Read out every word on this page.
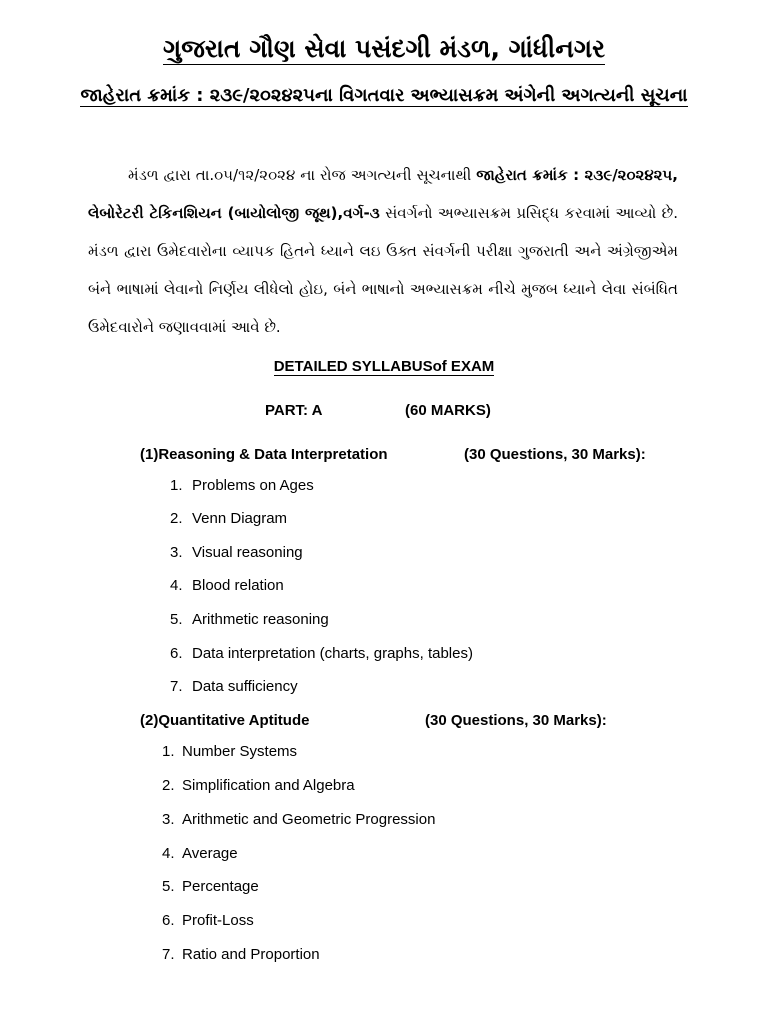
ગુજરાત ગૌણ સેવા પસંદગી મંડળ, ગાંધીનગર
જાહેરાત ક્રમાંક : ૨૩૯/૨૦૨૪૨૫ના વિગતવાર અભ્યાસક્રમ અંગેની અગત્યની સૂચના
મંડળ દ્વારા તા.૦૫/૧૨/૨૦૨૪ ના રોજ અગત્યની સૂચનાથી જાહેરાત ક્રમાંક : ૨૩૯/૨૦૨૪૨૫, લેબોરેટરી ટેકિનશિયન (બાયોલોજી જૂથ),વર્ગ-૩ સંવર્ગનો અભ્યાસક્રમ પ્રસિદ્ધ કરવામાં આવ્યો છે. મંડળ દ્વારા ઉમેદવારોના વ્યાપક હિતને ધ્યાને લઇ ઉક્ત સંવર્ગની પરીક્ષા ગુજરાતી અને અંગ્રેજીએમ બંને ભાષામાં લેવાનો નિર્ણય લીધેલો હોઇ, બંને ભાષાનો અભ્યાસક્રમ નીચે મુજબ ધ્યાને લેવા સંબંધિત ઉમેદવારોને જણાવવામાં આવે છે.
DETAILED SYLLABUSof EXAM
PART: A	(60 MARKS)
(1)Reasoning & Data Interpretation	(30 Questions, 30 Marks):
1. Problems on Ages
2. Venn Diagram
3. Visual reasoning
4. Blood relation
5. Arithmetic reasoning
6. Data interpretation (charts, graphs, tables)
7. Data sufficiency
(2)Quantitative Aptitude	(30 Questions, 30 Marks):
1. Number Systems
2. Simplification and Algebra
3. Arithmetic and Geometric Progression
4. Average
5. Percentage
6. Profit-Loss
7. Ratio and Proportion
